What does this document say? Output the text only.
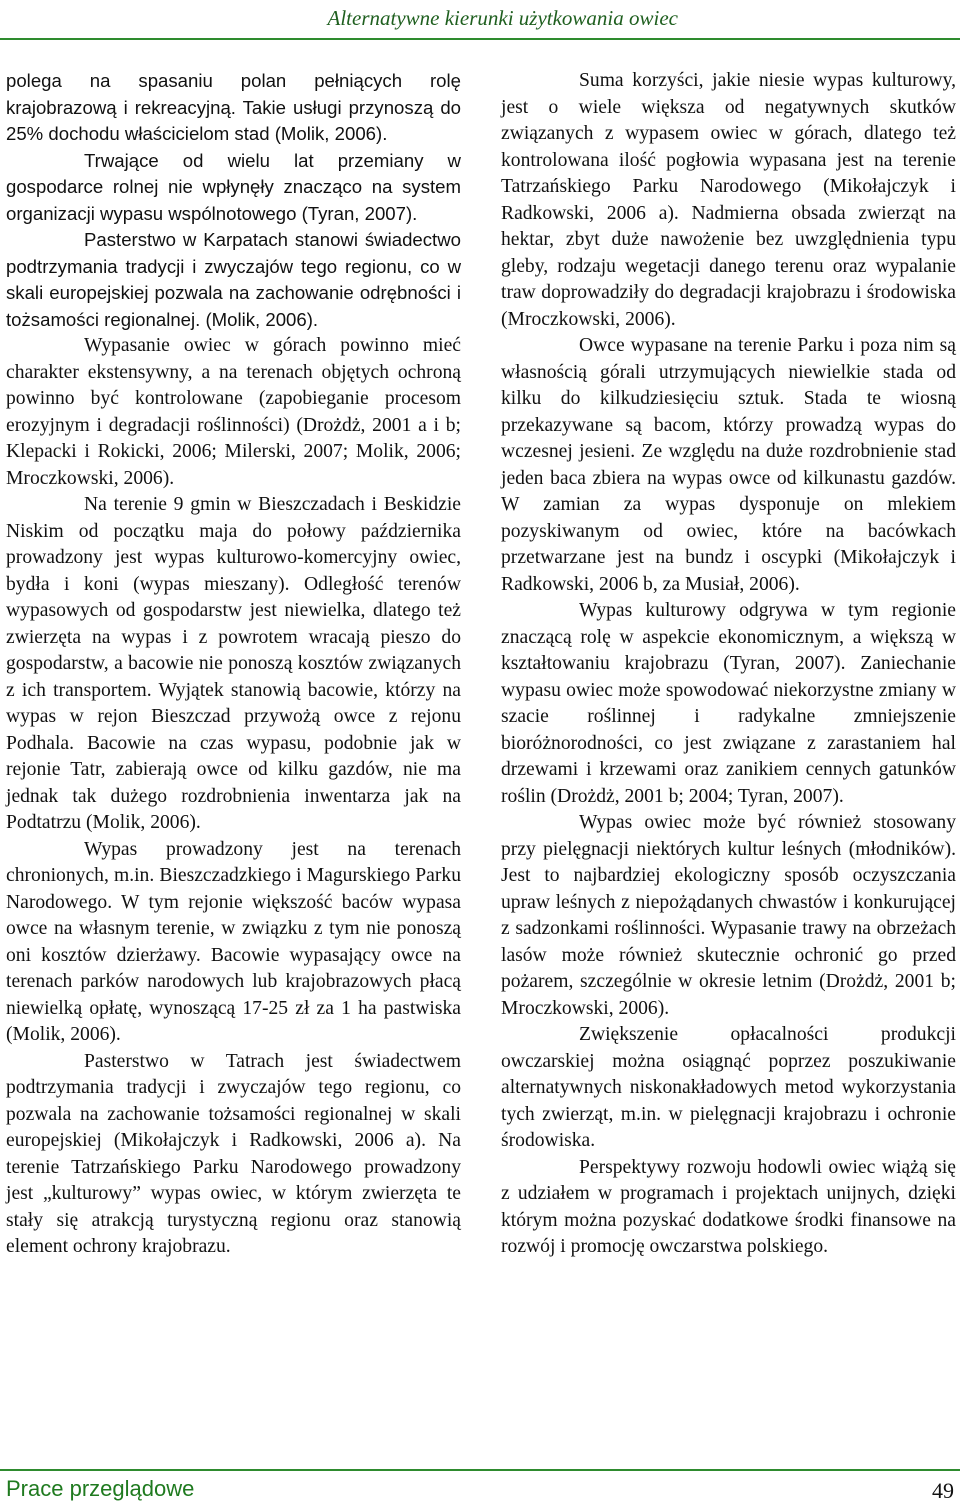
Alternatywne kierunki użytkowania owiec

polega na spasaniu polan pełniących rolę krajobrazową i rekreacyjną. Takie usługi przynoszą do 25% dochodu właścicielom stad (Molik, 2006).

Trwające od wielu lat przemiany w gospodarce rolnej nie wpłynęły znacząco na system organizacji wypasu wspólnotowego (Tyran, 2007).

Pasterstwo w Karpatach stanowi świadectwo podtrzymania tradycji i zwyczajów tego regionu, co w skali europejskiej pozwala na zachowanie odrębności i tożsamości regionalnej. (Molik, 2006).

Wypasanie owiec w górach powinno mieć charakter ekstensywny, a na terenach objętych ochroną powinno być kontrolowane (zapobieganie procesom erozyjnym i degradacji roślinności) (Drożdż, 2001 a i b; Klepacki i Rokicki, 2006; Milerski, 2007; Molik, 2006; Mroczkowski, 2006).

Na terenie 9 gmin w Bieszczadach i Beskidzie Niskim od początku maja do połowy października prowadzony jest wypas kulturowo-komercyjny owiec, bydła i koni (wypas mieszany). Odległość terenów wypasowych od gospodarstw jest niewielka, dlatego też zwierzęta na wypas i z powrotem wracają pieszo do gospodarstw, a bacowie nie ponoszą kosztów związanych z ich transportem. Wyjątek stanowią bacowie, którzy na wypas w rejon Bieszczad przywożą owce z rejonu Podhala. Bacowie na czas wypasu, podobnie jak w rejonie Tatr, zabierają owce od kilku gazdów, nie ma jednak tak dużego rozdrobnienia inwentarza jak na Podtatrzu (Molik, 2006).

Wypas prowadzony jest na terenach chronionych, m.in. Bieszczadzkiego i Magurskiego Parku Narodowego. W tym rejonie większość baców wypasa owce na własnym terenie, w związku z tym nie ponoszą oni kosztów dzierżawy. Bacowie wypasający owce na terenach parków narodowych lub krajobrazowych płacą niewielką opłatę, wynoszącą 17-25 zł za 1 ha pastwiska (Molik, 2006).

Pasterstwo w Tatrach jest świadectwem podtrzymania tradycji i zwyczajów tego regionu, co pozwala na zachowanie tożsamości regionalnej w skali europejskiej (Mikołajczyk i Radkowski, 2006 a). Na terenie Tatrzańskiego Parku Narodowego prowadzony jest „kulturowy” wypas owiec, w którym zwierzęta te stały się atrakcją turystyczną regionu oraz stanowią element ochrony krajobrazu.

Suma korzyści, jakie niesie wypas kulturowy, jest o wiele większa od negatywnych skutków związanych z wypasem owiec w górach, dlatego też kontrolowana ilość pogłowia wypasana jest na terenie Tatrzańskiego Parku Narodowego (Mikołajczyk i Radkowski, 2006 a). Nadmierna obsada zwierząt na hektar, zbyt duże nawożenie bez uwzględnienia typu gleby, rodzaju wegetacji danego terenu oraz wypalanie traw doprowadziły do degradacji krajobrazu i środowiska (Mroczkowski, 2006).

Owce wypasane na terenie Parku i poza nim są własnością górali utrzymujących niewielkie stada od kilku do kilkudziesięciu sztuk. Stada te wiosną przekazywane są bacom, którzy prowadzą wypas do wczesnej jesieni. Ze względu na duże rozdrobnienie stad jeden baca zbiera na wypas owce od kilkunastu gazdów. W zamian za wypas dysponuje on mlekiem pozyskiwanym od owiec, które na bacówkach przetwarzane jest na bundz i oscypki (Mikołajczyk i Radkowski, 2006 b, za Musiał, 2006).

Wypas kulturowy odgrywa w tym regionie znaczącą rolę w aspekcie ekonomicznym, a większą w kształtowaniu krajobrazu (Tyran, 2007). Zaniechanie wypasu owiec może spowodować niekorzystne zmiany w szacie roślinnej i radykalne zmniejszenie bioróżnorodności, co jest związane z zarastaniem hal drzewami i krzewami oraz zanikiem cennych gatunków roślin (Drożdż, 2001 b; 2004; Tyran, 2007).

Wypas owiec może być również stosowany przy pielęgnacji niektórych kultur leśnych (młodników). Jest to najbardziej ekologiczny sposób oczyszczania upraw leśnych z niepożądanych chwastów i konkurującej z sadzonkami roślinności. Wypasanie trawy na obrzeżach lasów może również skutecznie ochronić go przed pożarem, szczególnie w okresie letnim (Drożdż, 2001 b; Mroczkowski, 2006).

Zwiększenie opłacalności produkcji owczarskiej można osiągnąć poprzez poszukiwanie alternatywnych niskonakładowych metod wykorzystania tych zwierząt, m.in. w pielęgnacji krajobrazu i ochronie środowiska.

Perspektywy rozwoju hodowli owiec wiążą się z udziałem w programach i projektach unijnych, dzięki którym można pozyskać dodatkowe środki finansowe na rozwój i promocję owczarstwa polskiego.

Prace przeglądowe	49
